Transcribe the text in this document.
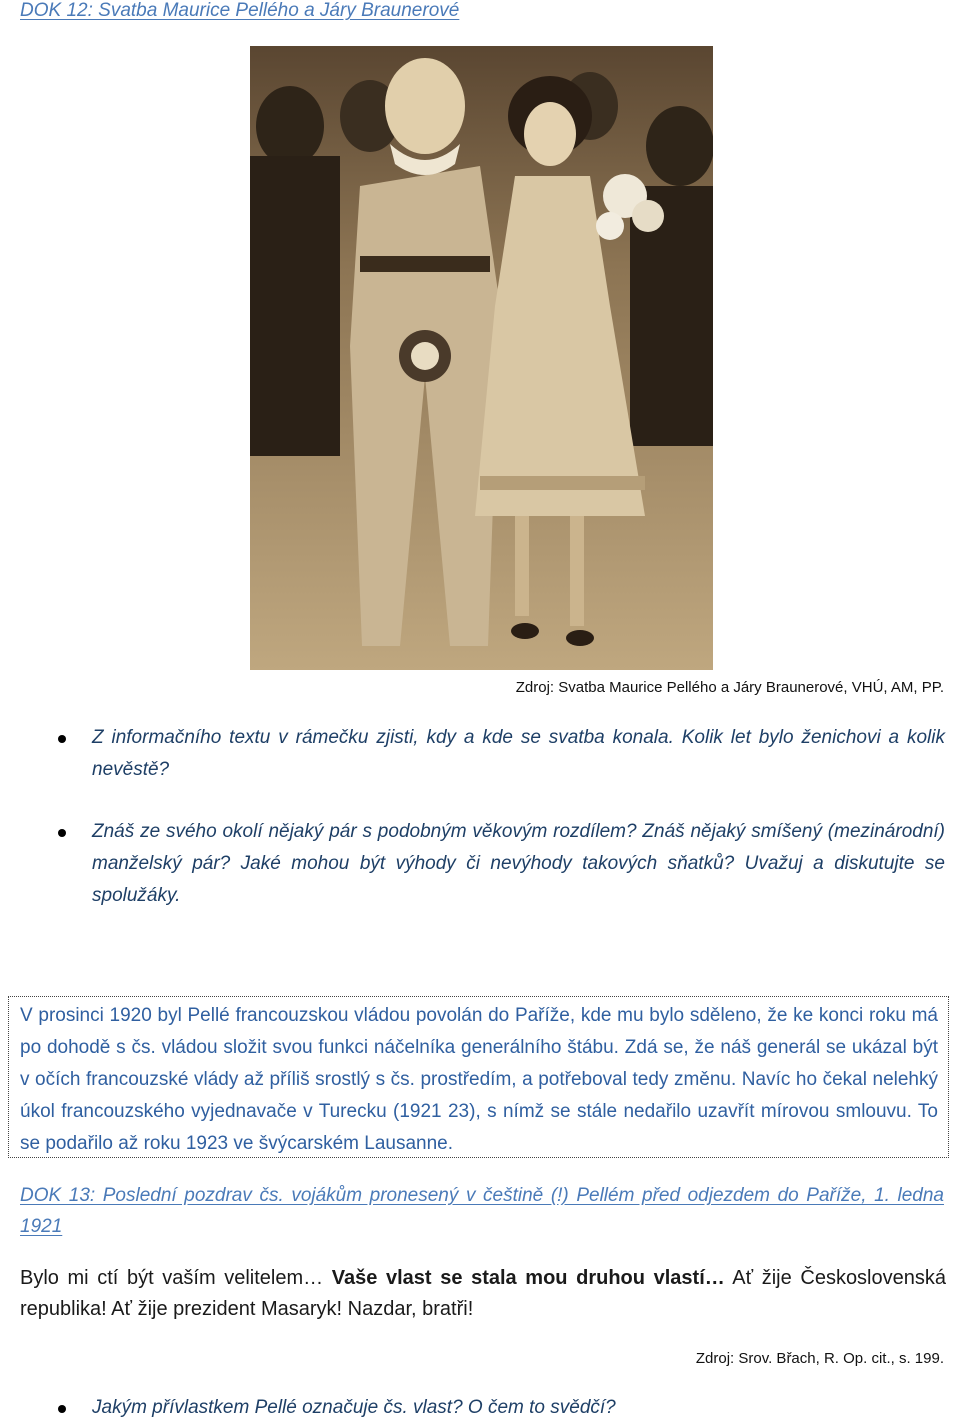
DOK 12: Svatba Maurice Pellého a Járy Braunerové
Zdroj: Svatba Maurice Pellého a Járy Braunerové, VHÚ, AM, PP.
Z informačního textu v rámečku zjisti, kdy a kde se svatba konala. Kolik let bylo ženichovi a kolik nevěstě?
Znáš ze svého okolí nějaký pár s podobným věkovým rozdílem? Znáš nějaký smíšený (mezinárodní) manželský pár? Jaké mohou být výhody či nevýhody takových sňatků? Uvažuj a diskutujte se spolužáky.

V prosinci 1920 byl Pellé francouzskou vládou povolán do Paříže, kde mu bylo sděleno, že ke konci roku má po dohodě s čs. vládou složit svou funkci náčelníka generálního štábu. Zdá se, že náš generál se ukázal být v očích francouzské vlády až příliš srostlý s čs. prostředím, a potřeboval tedy změnu. Navíc ho čekal nelehký úkol francouzského vyjednavače v Turecku (1921 23), s nímž se stále nedařilo uzavřít mírovou smlouvu. To se podařilo až roku 1923 ve švýcarském Lausanne.

DOK 13: Poslední pozdrav čs. vojákům pronesený v češtině (!) Pellém před odjezdem do Paříže, 1. ledna 1921

Bylo mi ctí být vaším velitelem… Vaše vlast se stala mou druhou vlastí… Ať žije Československá republika! Ať žije prezident Masaryk! Nazdar, bratři!

Zdroj: Srov. Břach, R. Op. cit., s. 199.
Jakým přívlastkem Pellé označuje čs. vlast? O čem to svědčí?
